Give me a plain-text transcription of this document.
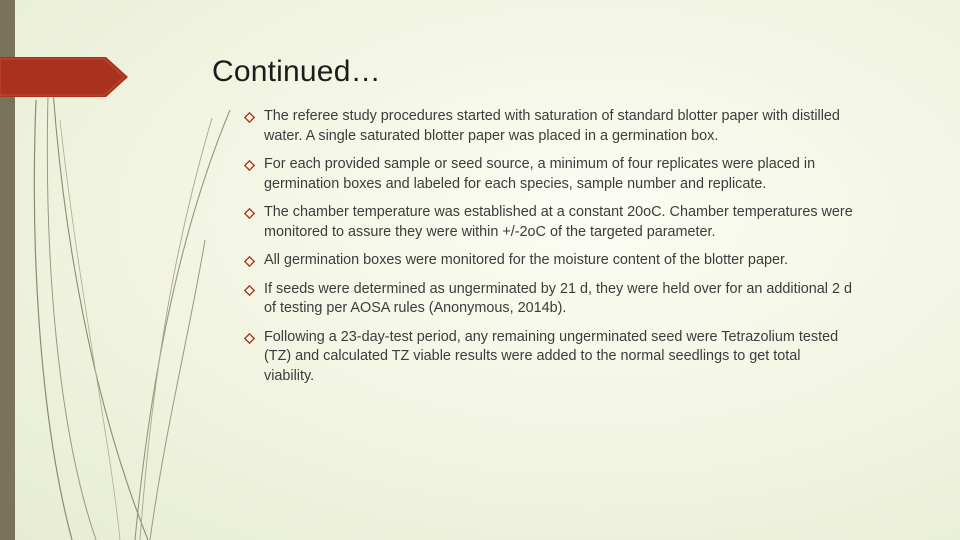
Continued…
The referee study procedures started with saturation of standard blotter paper with distilled water. A single saturated blotter paper was placed in a germination box.
For each provided sample or seed source, a minimum of four replicates were placed in germination boxes and labeled for each species, sample number and replicate.
The chamber temperature was established at a constant 20oC. Chamber temperatures were monitored to assure they were within +/-2oC of the targeted parameter.
All germination boxes were monitored for the moisture content of the blotter paper.
If seeds were determined as ungerminated by 21 d, they were held over for an additional 2 d of testing per AOSA rules (Anonymous, 2014b).
Following a 23-day-test period, any remaining ungerminated seed were Tetrazolium tested (TZ) and calculated TZ viable results were added to the normal seedlings to get total viability.
